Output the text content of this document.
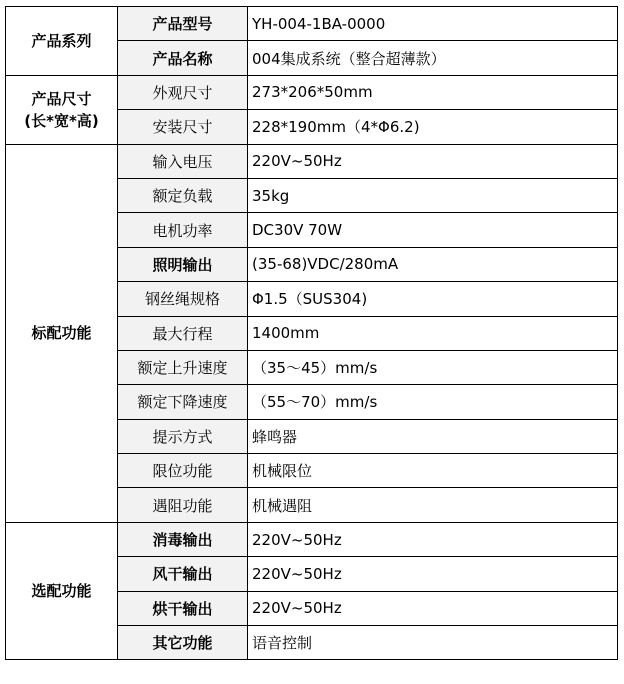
产品系列	产品型号	YH-004-1BA-0000
	产品名称	004集成系统（整合超薄款）

产品尺寸
(长*宽*高)	外观尺寸	273*206*50mm
	安装尺寸	228*190mm（4*Φ6.2)

标配功能	输入电压	220V~50Hz
	额定负载	35kg
	电机功率	DC30V 70W
	照明输出	(35-68)VDC/280mA
	钢丝绳规格	Φ1.5（SUS304)
	最大行程	1400mm
	额定上升速度	（35～45）mm/s
	额定下降速度	（55～70）mm/s
	提示方式	蜂鸣器
	限位功能	机械限位
	遇阻功能	机械遇阻

选配功能	消毒输出	220V~50Hz
	风干输出	220V~50Hz
	烘干输出	220V~50Hz
	其它功能	语音控制
